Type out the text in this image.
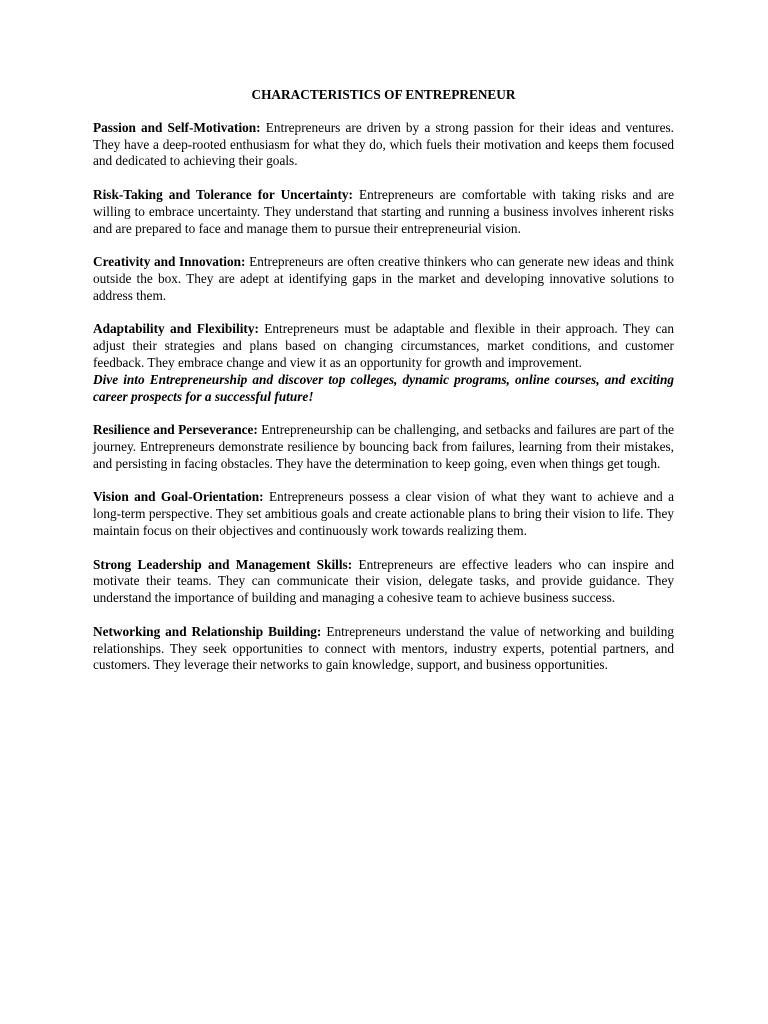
CHARACTERISTICS OF ENTREPRENEUR

Passion and Self-Motivation: Entrepreneurs are driven by a strong passion for their ideas and ventures. They have a deep-rooted enthusiasm for what they do, which fuels their motivation and keeps them focused and dedicated to achieving their goals.

Risk-Taking and Tolerance for Uncertainty: Entrepreneurs are comfortable with taking risks and are willing to embrace uncertainty. They understand that starting and running a business involves inherent risks and are prepared to face and manage them to pursue their entrepreneurial vision.

Creativity and Innovation: Entrepreneurs are often creative thinkers who can generate new ideas and think outside the box. They are adept at identifying gaps in the market and developing innovative solutions to address them.

Adaptability and Flexibility: Entrepreneurs must be adaptable and flexible in their approach. They can adjust their strategies and plans based on changing circumstances, market conditions, and customer feedback. They embrace change and view it as an opportunity for growth and improvement.

Dive into Entrepreneurship and discover top colleges, dynamic programs, online courses, and exciting career prospects for a successful future!

Resilience and Perseverance: Entrepreneurship can be challenging, and setbacks and failures are part of the journey. Entrepreneurs demonstrate resilience by bouncing back from failures, learning from their mistakes, and persisting in facing obstacles. They have the determination to keep going, even when things get tough.

Vision and Goal-Orientation: Entrepreneurs possess a clear vision of what they want to achieve and a long-term perspective. They set ambitious goals and create actionable plans to bring their vision to life. They maintain focus on their objectives and continuously work towards realizing them.

Strong Leadership and Management Skills: Entrepreneurs are effective leaders who can inspire and motivate their teams. They can communicate their vision, delegate tasks, and provide guidance. They understand the importance of building and managing a cohesive team to achieve business success.

Networking and Relationship Building: Entrepreneurs understand the value of networking and building relationships. They seek opportunities to connect with mentors, industry experts, potential partners, and customers. They leverage their networks to gain knowledge, support, and business opportunities.
